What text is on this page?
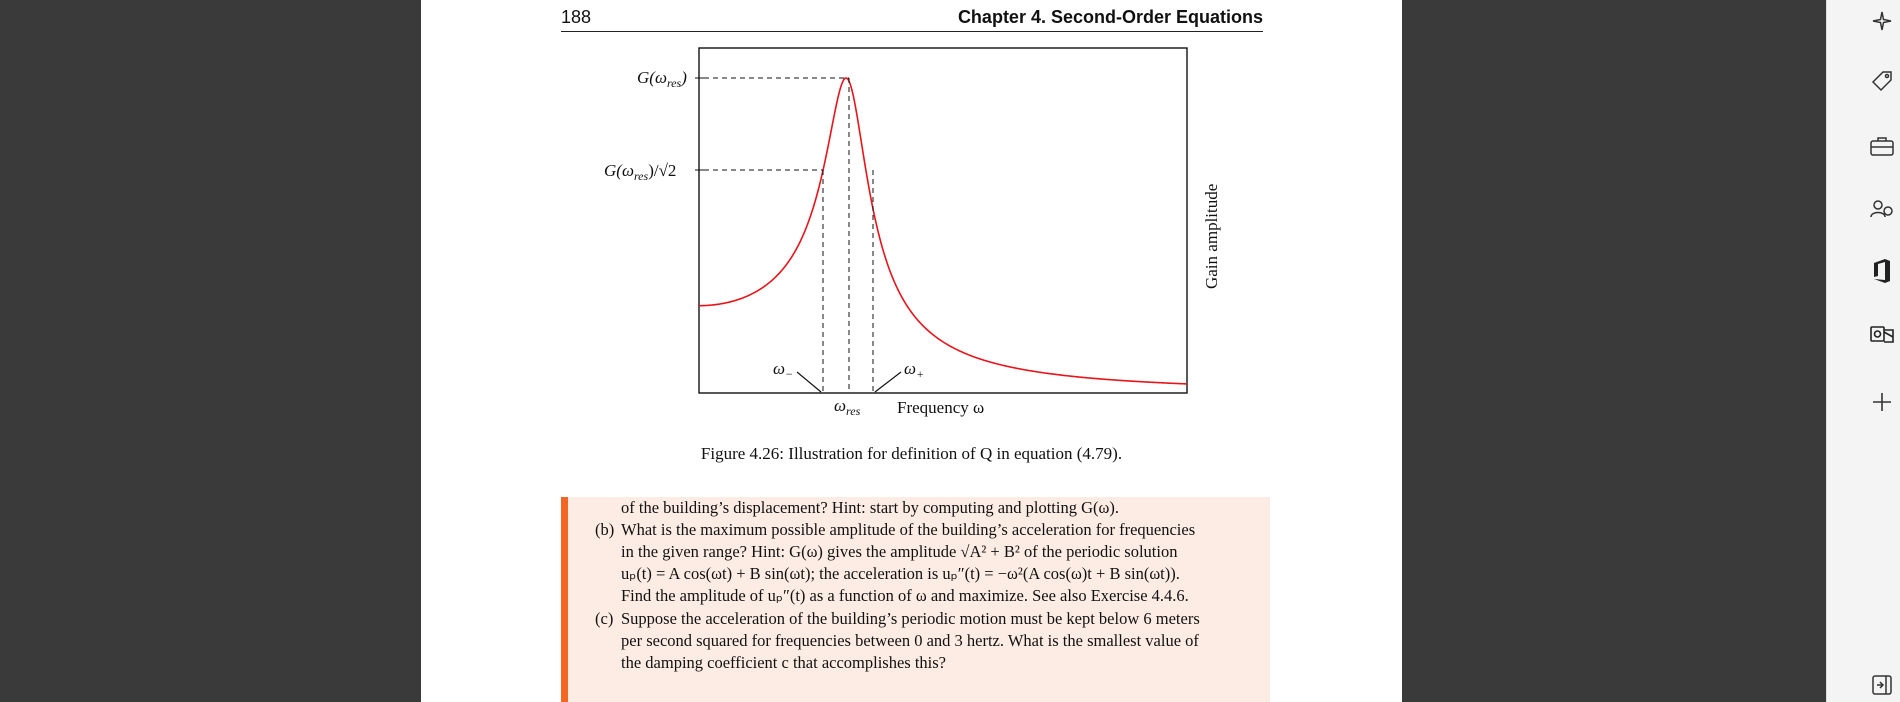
188	Chapter 4. Second-Order Equations
$G(\omega_{res})$
$G(\omega_{res})/√2$
$\omega_-$	$\omega_+$
$\omega_{res}$ Frequency ω
Gain amplitude
Figure 4.26: Illustration for definition of Q in equation (4.79).
of the building’s displacement? Hint: start by computing and plotting G(ω).
(b) What is the maximum possible amplitude of the building’s acceleration for frequencies
in the given range? Hint: G(ω) gives the amplitude √A² + B² of the periodic solution
uₚ(t) = A cos(ωt) + B sin(ωt); the acceleration is uₚ″(t) = −ω²(A cos(ω)t + B sin(ωt)).
Find the amplitude of uₚ″(t) as a function of ω and maximize. See also Exercise 4.4.6.
(c) Suppose the acceleration of the building’s periodic motion must be kept below 6 meters
per second squared for frequencies between 0 and 3 hertz. What is the smallest value of
the damping coefficient c that accomplishes this?
